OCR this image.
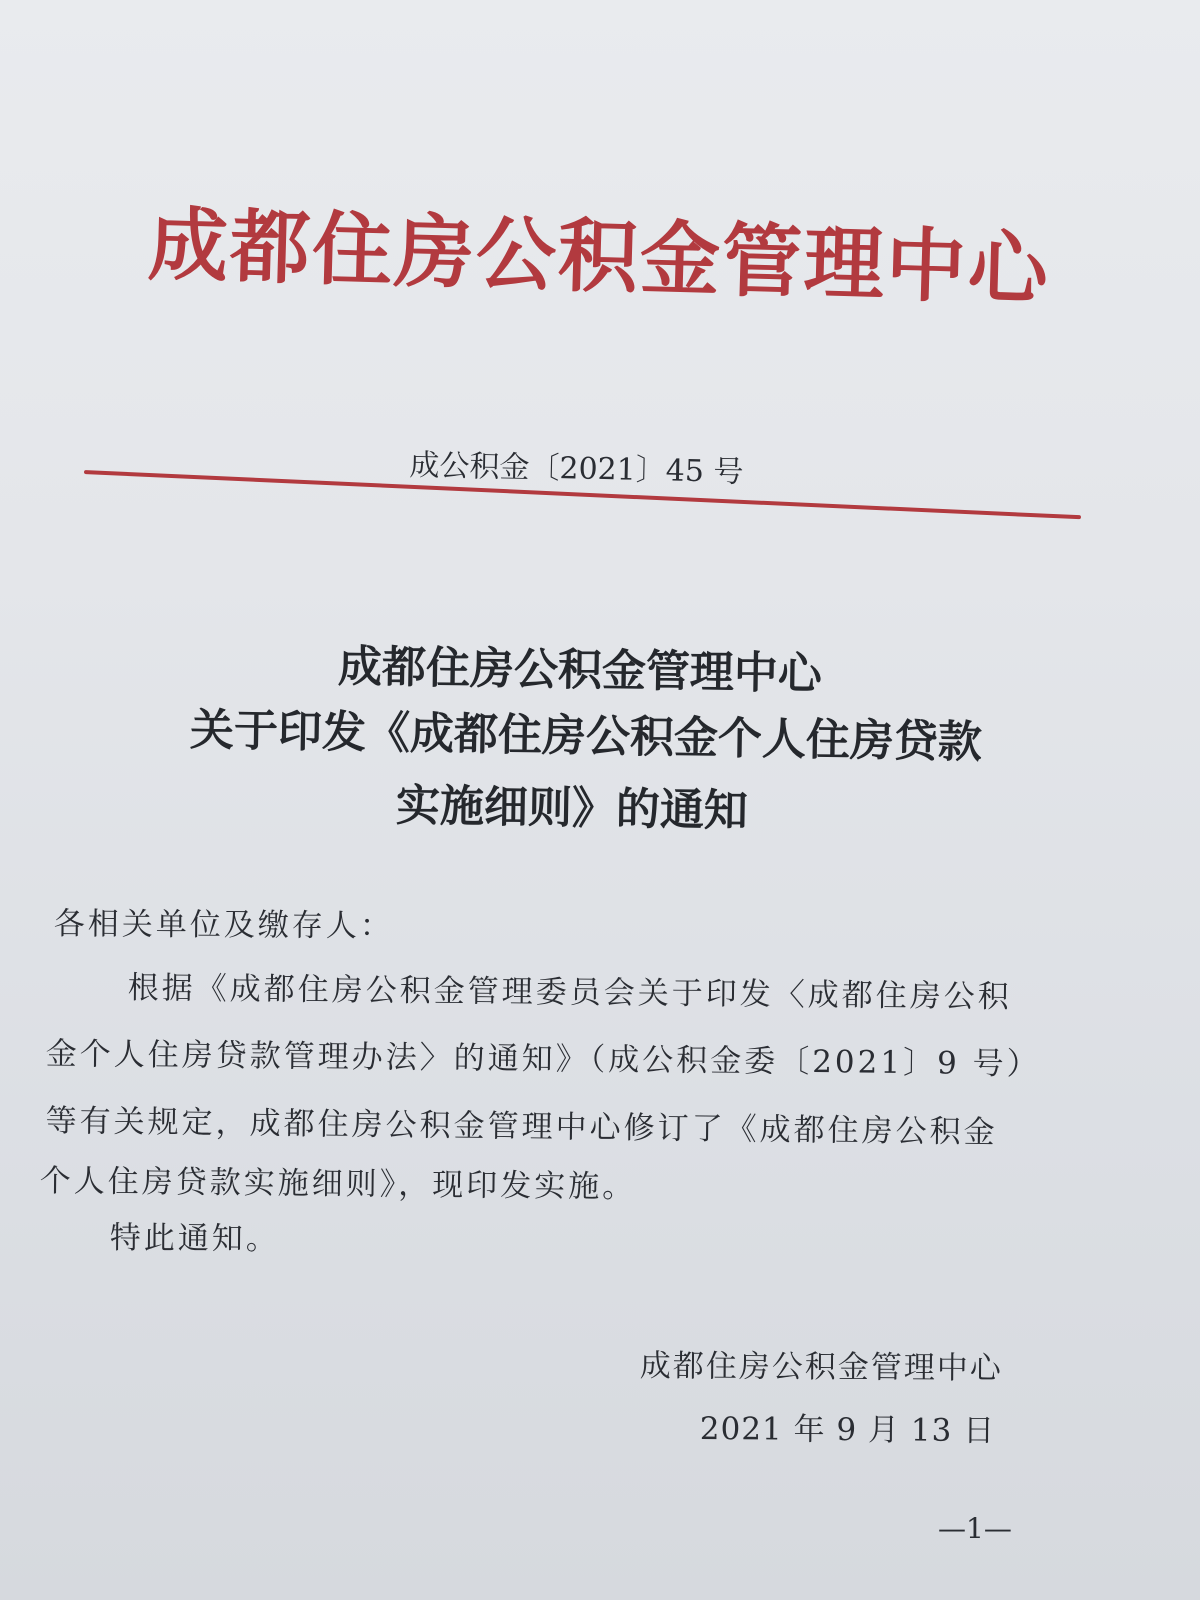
成都住房公积金管理中心
成公积金〔2021〕45 号
成都住房公积金管理中心
关于印发《成都住房公积金个人住房贷款
实施细则》的通知
各相关单位及缴存人：
根据《成都住房公积金管理委员会关于印发〈成都住房公积
金个人住房贷款管理办法〉的通知》（成公积金委〔2021〕9 号）
等有关规定，成都住房公积金管理中心修订了《成都住房公积金
个人住房贷款实施细则》，现印发实施。
特此通知。
成都住房公积金管理中心
2021 年 9 月 13 日
—1—
